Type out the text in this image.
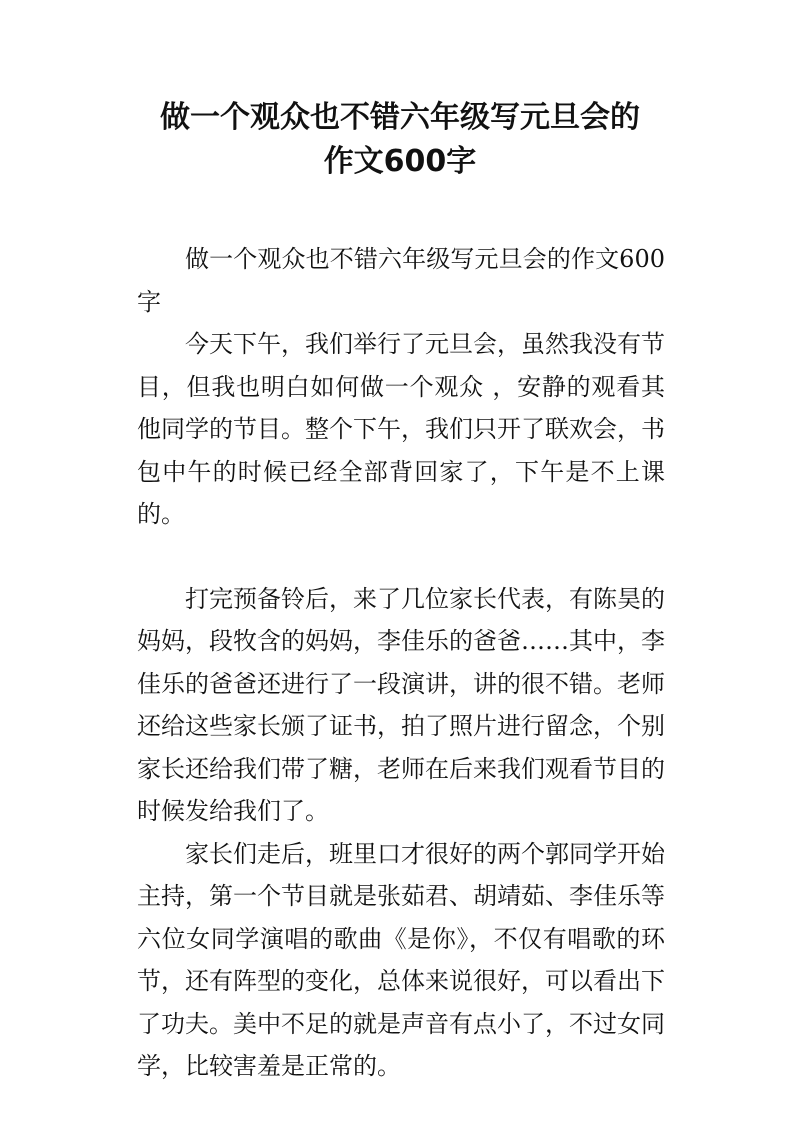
做一个观众也不错六年级写元旦会的
作文600字

做一个观众也不错六年级写元旦会的作文600字

今天下午，我们举行了元旦会，虽然我没有节目，但我也明白如何做一个观众 ，安静的观看其他同学的节目。整个下午，我们只开了联欢会，书包中午的时候已经全部背回家了，下午是不上课的。

打完预备铃后，来了几位家长代表，有陈昊的妈妈，段牧含的妈妈，李佳乐的爸爸……其中，李佳乐的爸爸还进行了一段演讲，讲的很不错。老师还给这些家长颁了证书，拍了照片进行留念，个别家长还给我们带了糖，老师在后来我们观看节目的时候发给我们了。

家长们走后，班里口才很好的两个郭同学开始主持，第一个节目就是张茹君、胡靖茹、李佳乐等六位女同学演唱的歌曲《是你》，不仅有唱歌的环节，还有阵型的变化，总体来说很好，可以看出下了功夫。美中不足的就是声音有点小了，不过女同学，比较害羞是正常的。
